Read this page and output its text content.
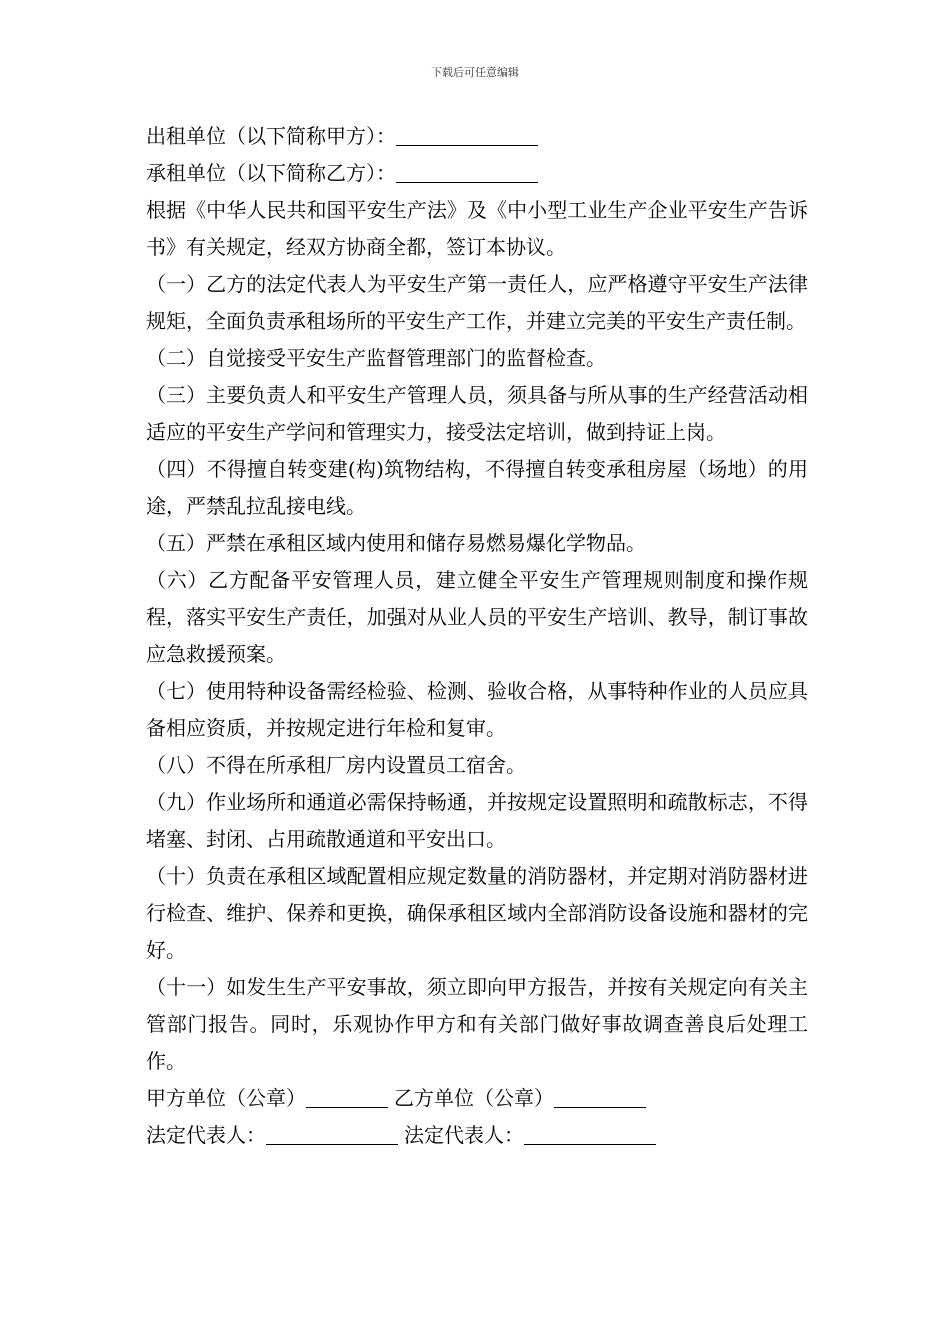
下载后可任意编辑

出租单位（以下简称甲方）：

承租单位（以下简称乙方）：

根据《中华人民共和国平安生产法》及《中小型工业生产企业平安生产告诉书》有关规定，经双方协商全都，签订本协议。

（一）乙方的法定代表人为平安生产第一责任人，应严格遵守平安生产法律规矩，全面负责承租场所的平安生产工作，并建立完美的平安生产责任制。

（二）自觉接受平安生产监督管理部门的监督检查。

（三）主要负责人和平安生产管理人员，须具备与所从事的生产经营活动相适应的平安生产学问和管理实力，接受法定培训，做到持证上岗。

（四）不得擅自转变建(构)筑物结构，不得擅自转变承租房屋（场地）的用途，严禁乱拉乱接电线。

（五）严禁在承租区域内使用和储存易燃易爆化学物品。

（六）乙方配备平安管理人员，建立健全平安生产管理规则制度和操作规程，落实平安生产责任，加强对从业人员的平安生产培训、教导，制订事故应急救援预案。

（七）使用特种设备需经检验、检测、验收合格，从事特种作业的人员应具备相应资质，并按规定进行年检和复审。

（八）不得在所承租厂房内设置员工宿舍。

（九）作业场所和通道必需保持畅通，并按规定设置照明和疏散标志，不得堵塞、封闭、占用疏散通道和平安出口。

（十）负责在承租区域配置相应规定数量的消防器材，并定期对消防器材进行检查、维护、保养和更换，确保承租区域内全部消防设备设施和器材的完好。

（十一）如发生生产平安事故，须立即向甲方报告，并按有关规定向有关主管部门报告。同时，乐观协作甲方和有关部门做好事故调查善良后处理工作。

甲方单位（公章）	乙方单位（公章）

法定代表人：	法定代表人：
